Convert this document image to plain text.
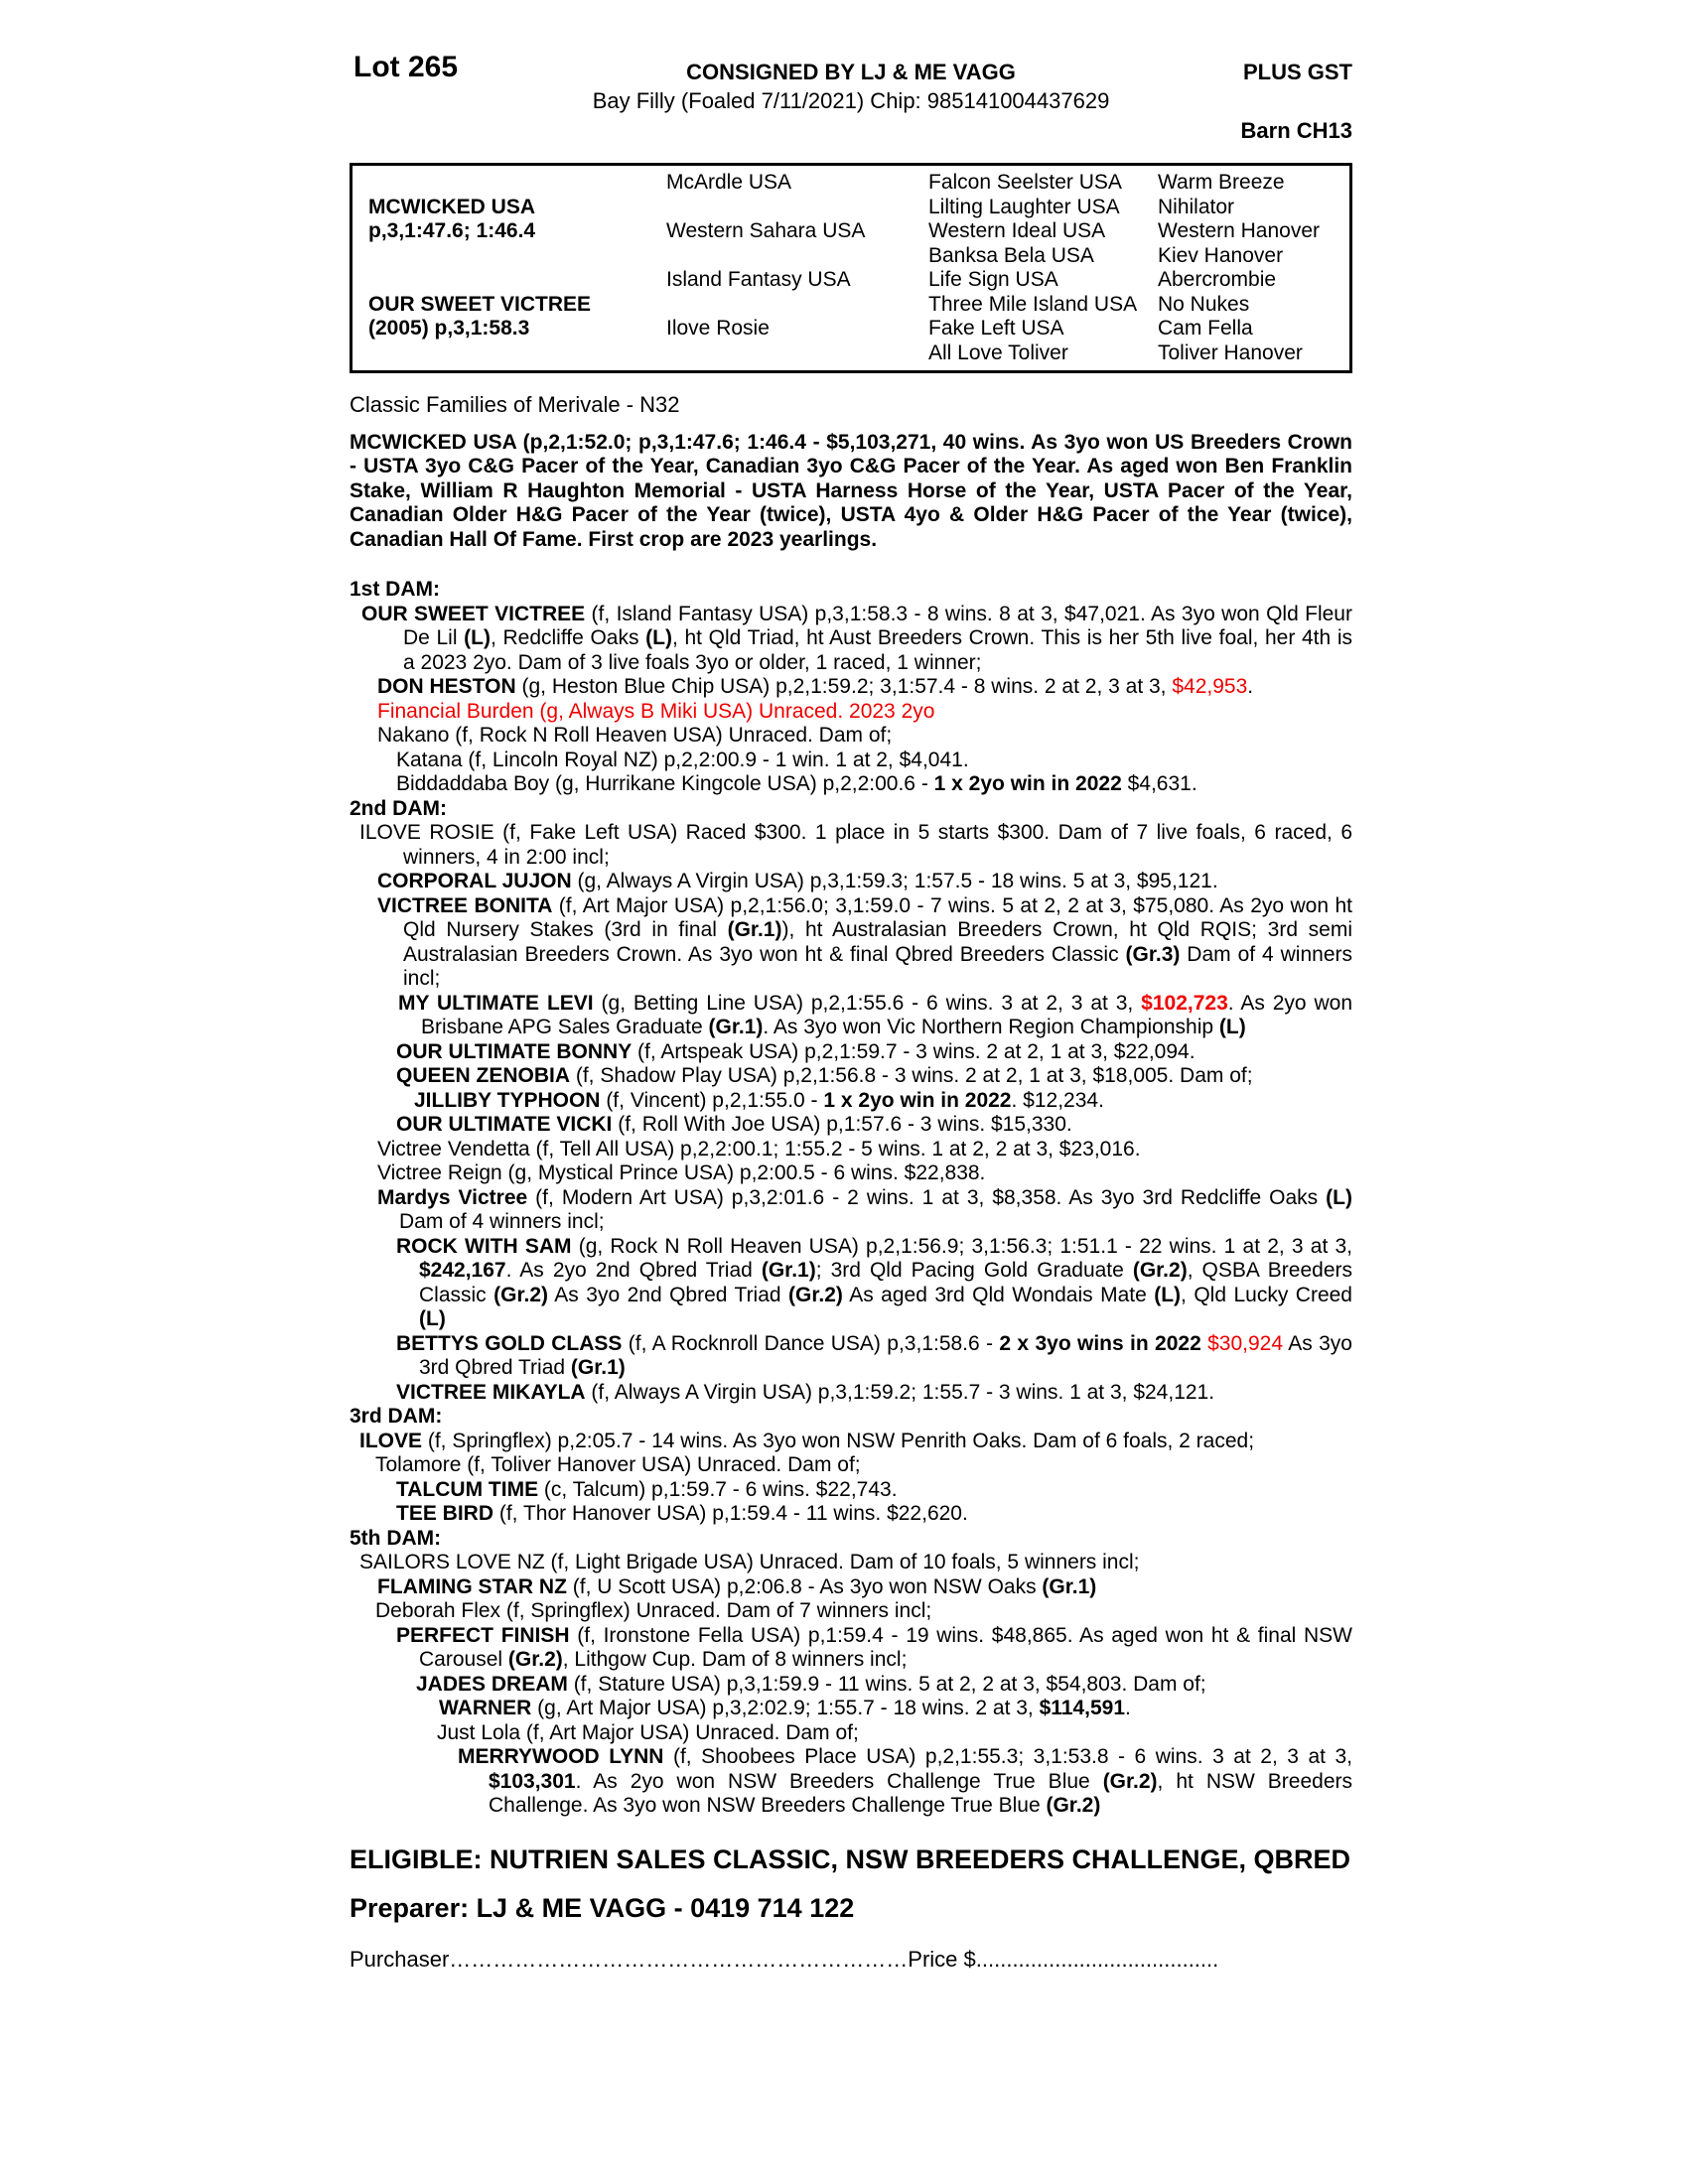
Lot 265	CONSIGNED BY LJ & ME VAGG	PLUS GST
Bay Filly (Foaled 7/11/2021) Chip: 985141004437629
Barn CH13
MCWICKED USA
p,3,1:47.6; 1:46.4
OUR SWEET VICTREE
(2005) p,3,1:58.3
McArdle USA
Western Sahara USA
Island Fantasy USA
Ilove Rosie
Falcon Seelster USA
Lilting Laughter USA
Western Ideal USA
Banksa Bela USA
Life Sign USA
Three Mile Island USA
Fake Left USA
All Love Toliver
Warm Breeze
Nihilator
Western Hanover
Kiev Hanover
Abercrombie
No Nukes
Cam Fella
Toliver Hanover
Classic Families of Merivale - N32
MCWICKED USA (p,2,1:52.0; p,3,1:47.6; 1:46.4 - $5,103,271, 40 wins. As 3yo won US Breeders Crown - USTA 3yo C&G Pacer of the Year, Canadian 3yo C&G Pacer of the Year. As aged won Ben Franklin Stake, William R Haughton Memorial - USTA Harness Horse of the Year, USTA Pacer of the Year, Canadian Older H&G Pacer of the Year (twice), USTA 4yo & Older H&G Pacer of the Year (twice), Canadian Hall Of Fame. First crop are 2023 yearlings.
1st DAM:
OUR SWEET VICTREE (f, Island Fantasy USA) p,3,1:58.3 - 8 wins. 8 at 3, $47,021. As 3yo won Qld Fleur De Lil (L), Redcliffe Oaks (L), ht Qld Triad, ht Aust Breeders Crown. This is her 5th live foal, her 4th is a 2023 2yo. Dam of 3 live foals 3yo or older, 1 raced, 1 winner;
DON HESTON (g, Heston Blue Chip USA) p,2,1:59.2; 3,1:57.4 - 8 wins. 2 at 2, 3 at 3, $42,953.
Financial Burden (g, Always B Miki USA) Unraced. 2023 2yo
Nakano (f, Rock N Roll Heaven USA) Unraced. Dam of;
Katana (f, Lincoln Royal NZ) p,2,2:00.9 - 1 win. 1 at 2, $4,041.
Biddaddaba Boy (g, Hurrikane Kingcole USA) p,2,2:00.6 - 1 x 2yo win in 2022 $4,631.
2nd DAM:
ILOVE ROSIE (f, Fake Left USA) Raced $300. 1 place in 5 starts $300. Dam of 7 live foals, 6 raced, 6 winners, 4 in 2:00 incl;
CORPORAL JUJON (g, Always A Virgin USA) p,3,1:59.3; 1:57.5 - 18 wins. 5 at 3, $95,121.
VICTREE BONITA (f, Art Major USA) p,2,1:56.0; 3,1:59.0 - 7 wins. 5 at 2, 2 at 3, $75,080. As 2yo won ht Qld Nursery Stakes (3rd in final (Gr.1)), ht Australasian Breeders Crown, ht Qld RQIS; 3rd semi Australasian Breeders Crown. As 3yo won ht & final Qbred Breeders Classic (Gr.3) Dam of 4 winners incl;
MY ULTIMATE LEVI (g, Betting Line USA) p,2,1:55.6 - 6 wins. 3 at 2, 3 at 3, $102,723. As 2yo won Brisbane APG Sales Graduate (Gr.1). As 3yo won Vic Northern Region Championship (L)
OUR ULTIMATE BONNY (f, Artspeak USA) p,2,1:59.7 - 3 wins. 2 at 2, 1 at 3, $22,094.
QUEEN ZENOBIA (f, Shadow Play USA) p,2,1:56.8 - 3 wins. 2 at 2, 1 at 3, $18,005. Dam of;
JILLIBY TYPHOON (f, Vincent) p,2,1:55.0 - 1 x 2yo win in 2022. $12,234.
OUR ULTIMATE VICKI (f, Roll With Joe USA) p,1:57.6 - 3 wins. $15,330.
Victree Vendetta (f, Tell All USA) p,2,2:00.1; 1:55.2 - 5 wins. 1 at 2, 2 at 3, $23,016.
Victree Reign (g, Mystical Prince USA) p,2:00.5 - 6 wins. $22,838.
Mardys Victree (f, Modern Art USA) p,3,2:01.6 - 2 wins. 1 at 3, $8,358. As 3yo 3rd Redcliffe Oaks (L) Dam of 4 winners incl;
ROCK WITH SAM (g, Rock N Roll Heaven USA) p,2,1:56.9; 3,1:56.3; 1:51.1 - 22 wins. 1 at 2, 3 at 3, $242,167. As 2yo 2nd Qbred Triad (Gr.1); 3rd Qld Pacing Gold Graduate (Gr.2), QSBA Breeders Classic (Gr.2) As 3yo 2nd Qbred Triad (Gr.2) As aged 3rd Qld Wondais Mate (L), Qld Lucky Creed (L)
BETTYS GOLD CLASS (f, A Rocknroll Dance USA) p,3,1:58.6 - 2 x 3yo wins in 2022 $30,924 As 3yo 3rd Qbred Triad (Gr.1)
VICTREE MIKAYLA (f, Always A Virgin USA) p,3,1:59.2; 1:55.7 - 3 wins. 1 at 3, $24,121.
3rd DAM:
ILOVE (f, Springflex) p,2:05.7 - 14 wins. As 3yo won NSW Penrith Oaks. Dam of 6 foals, 2 raced;
Tolamore (f, Toliver Hanover USA) Unraced. Dam of;
TALCUM TIME (c, Talcum) p,1:59.7 - 6 wins. $22,743.
TEE BIRD (f, Thor Hanover USA) p,1:59.4 - 11 wins. $22,620.
5th DAM:
SAILORS LOVE NZ (f, Light Brigade USA) Unraced. Dam of 10 foals, 5 winners incl;
FLAMING STAR NZ (f, U Scott USA) p,2:06.8 - As 3yo won NSW Oaks (Gr.1)
Deborah Flex (f, Springflex) Unraced. Dam of 7 winners incl;
PERFECT FINISH (f, Ironstone Fella USA) p,1:59.4 - 19 wins. $48,865. As aged won ht & final NSW Carousel (Gr.2), Lithgow Cup. Dam of 8 winners incl;
JADES DREAM (f, Stature USA) p,3,1:59.9 - 11 wins. 5 at 2, 2 at 3, $54,803. Dam of;
WARNER (g, Art Major USA) p,3,2:02.9; 1:55.7 - 18 wins. 2 at 3, $114,591.
Just Lola (f, Art Major USA) Unraced. Dam of;
MERRYWOOD LYNN (f, Shoobees Place USA) p,2,1:55.3; 3,1:53.8 - 6 wins. 3 at 2, 3 at 3, $103,301. As 2yo won NSW Breeders Challenge True Blue (Gr.2), ht NSW Breeders Challenge. As 3yo won NSW Breeders Challenge True Blue (Gr.2)
ELIGIBLE: NUTRIEN SALES CLASSIC, NSW BREEDERS CHALLENGE, QBRED
Preparer: LJ & ME VAGG - 0419 714 122
Purchaser………………………………………………………Price $........................................
